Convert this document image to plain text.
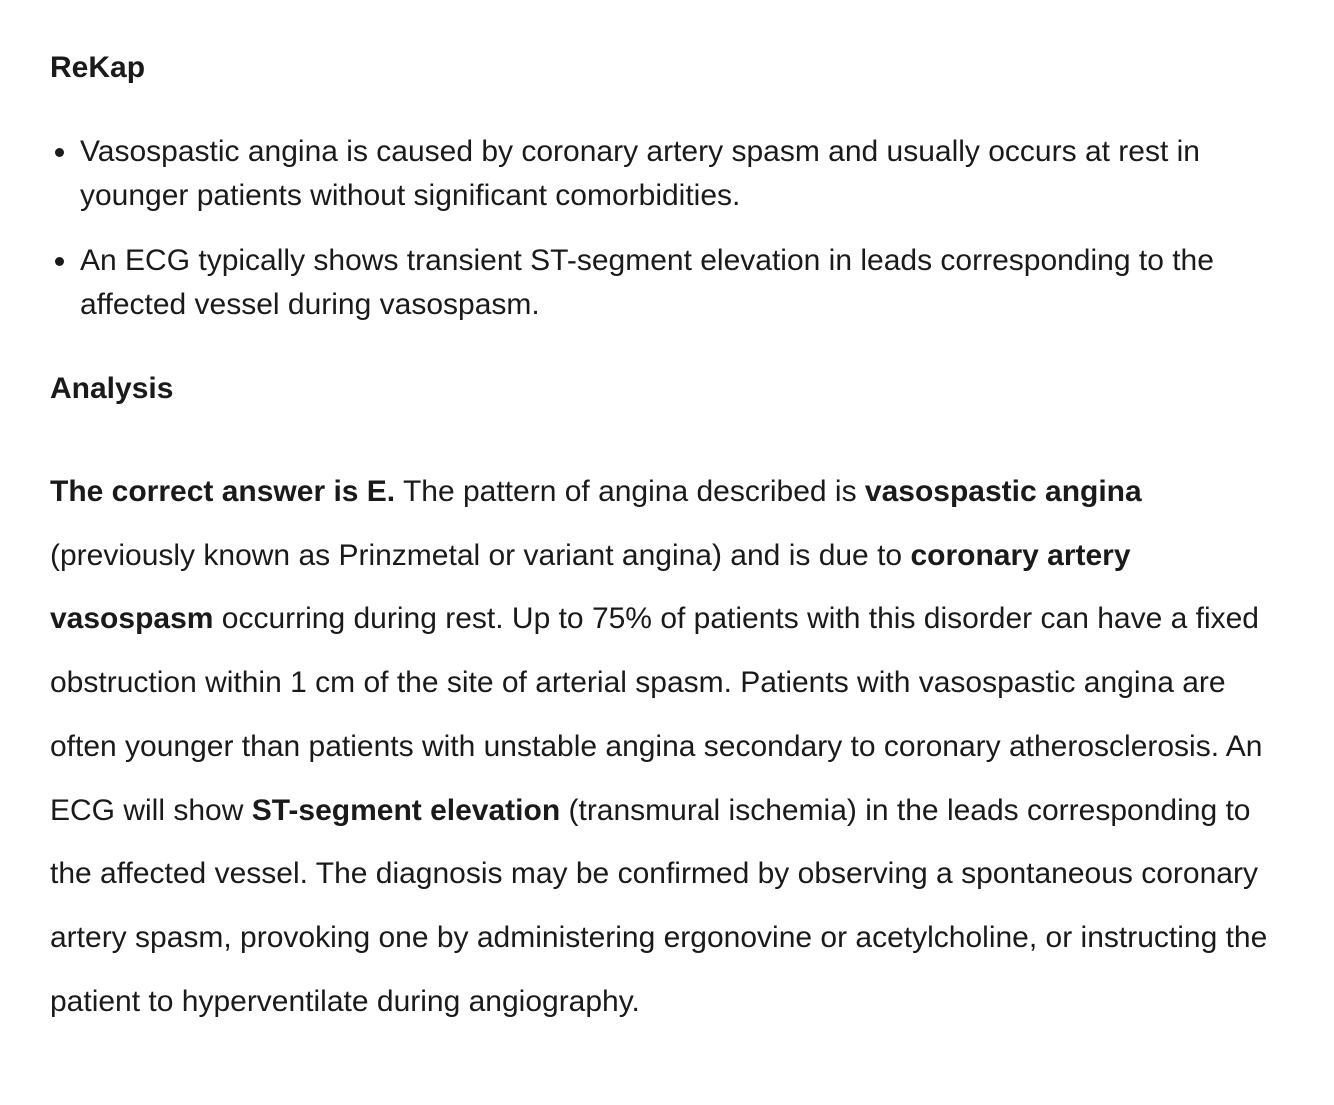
ReKap
Vasospastic angina is caused by coronary artery spasm and usually occurs at rest in younger patients without significant comorbidities.
An ECG typically shows transient ST-segment elevation in leads corresponding to the affected vessel during vasospasm.
Analysis

The correct answer is E. The pattern of angina described is vasospastic angina (previously known as Prinzmetal or variant angina) and is due to coronary artery vasospasm occurring during rest. Up to 75% of patients with this disorder can have a fixed obstruction within 1 cm of the site of arterial spasm. Patients with vasospastic angina are often younger than patients with unstable angina secondary to coronary atherosclerosis. An ECG will show ST-segment elevation (transmural ischemia) in the leads corresponding to the affected vessel. The diagnosis may be confirmed by observing a spontaneous coronary artery spasm, provoking one by administering ergonovine or acetylcholine, or instructing the patient to hyperventilate during angiography.
